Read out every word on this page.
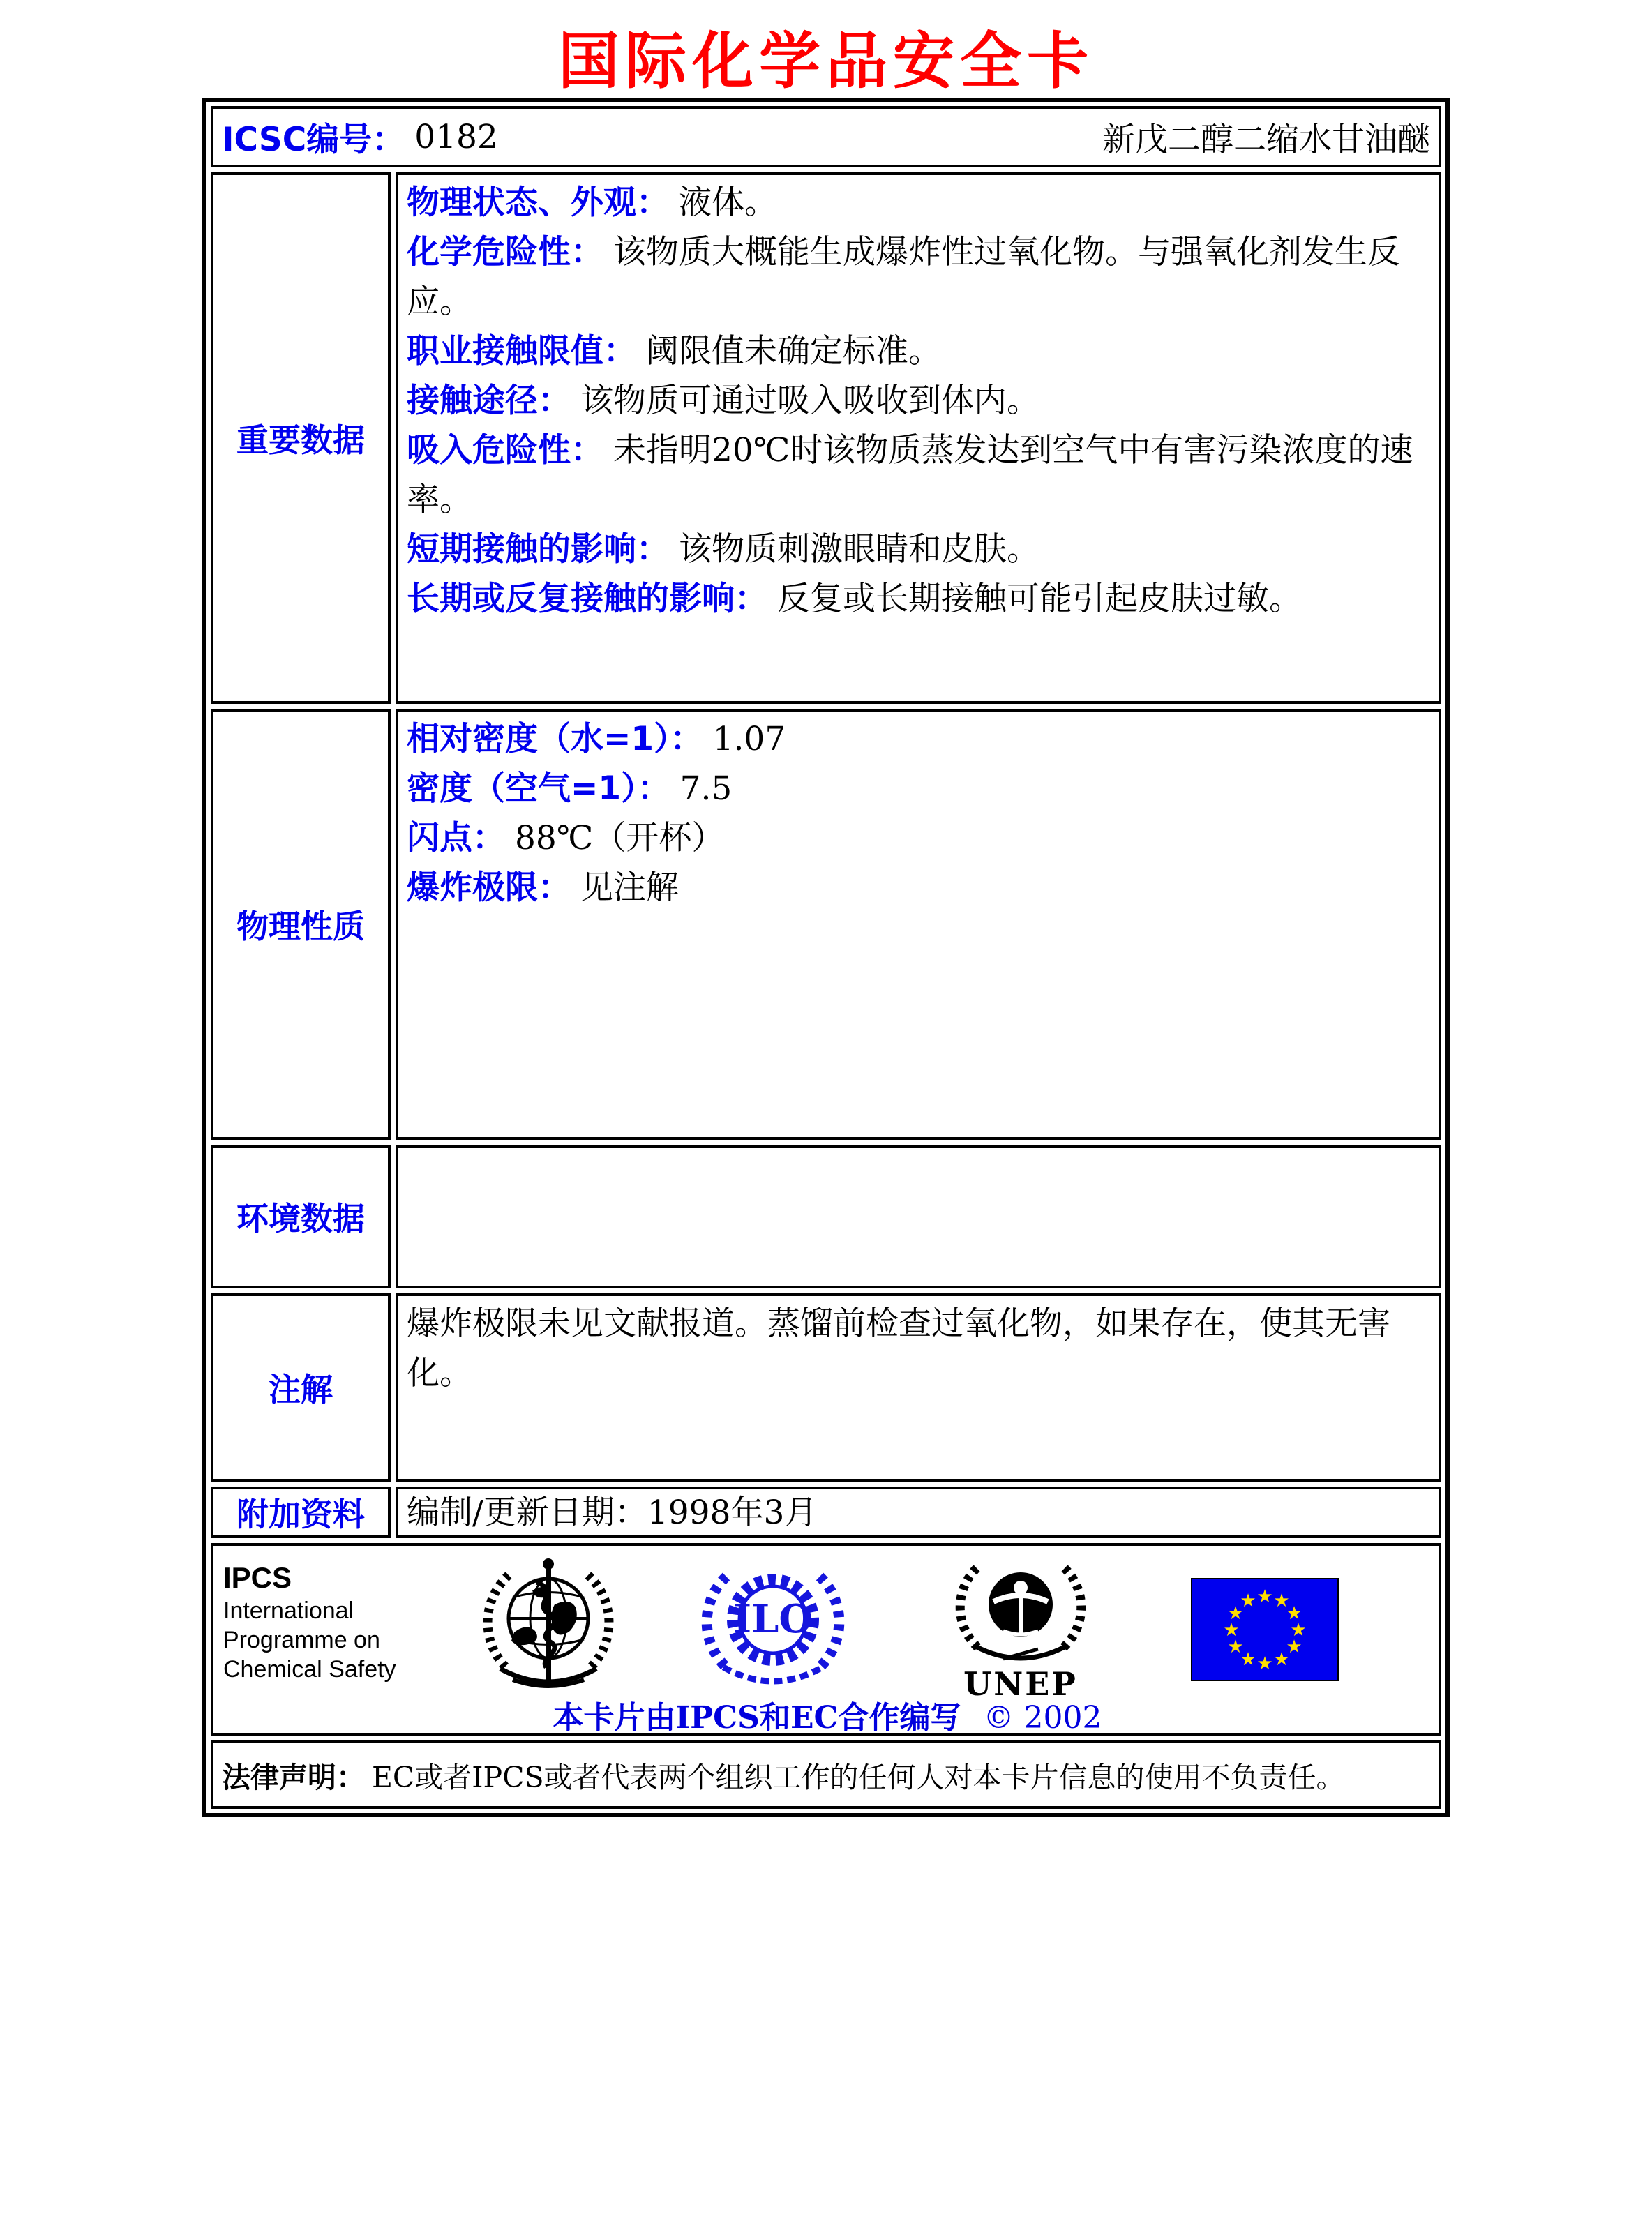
国际化学品安全卡
ICSC编号： 0182	新戊二醇二缩水甘油醚
重要数据
物理状态、外观： 液体。
化学危险性： 该物质大概能生成爆炸性过氧化物。与强氧化剂发生反应。
职业接触限值： 阈限值未确定标准。
接触途径： 该物质可通过吸入吸收到体内。
吸入危险性： 未指明20℃时该物质蒸发达到空气中有害污染浓度的速率。
短期接触的影响： 该物质刺激眼睛和皮肤。
长期或反复接触的影响： 反复或长期接触可能引起皮肤过敏。
物理性质
相对密度（水=1）： 1.07
密度（空气=1）： 7.5
闪点： 88℃（开杯）
爆炸极限： 见注解
环境数据
注解
爆炸极限未见文献报道。蒸馏前检查过氧化物，如果存在，使其无害化。
附加资料 编制/更新日期：1998年3月
IPCS
International
Programme on
Chemical Safety
ILO
UNEP
★ ★
★
★
★
★
★
★
★
★
★
★
本卡片由IPCS和EC合作编写 © 2002
法律声明： EC或者IPCS或者代表两个组织工作的任何人对本卡片信息的使用不负责任。
